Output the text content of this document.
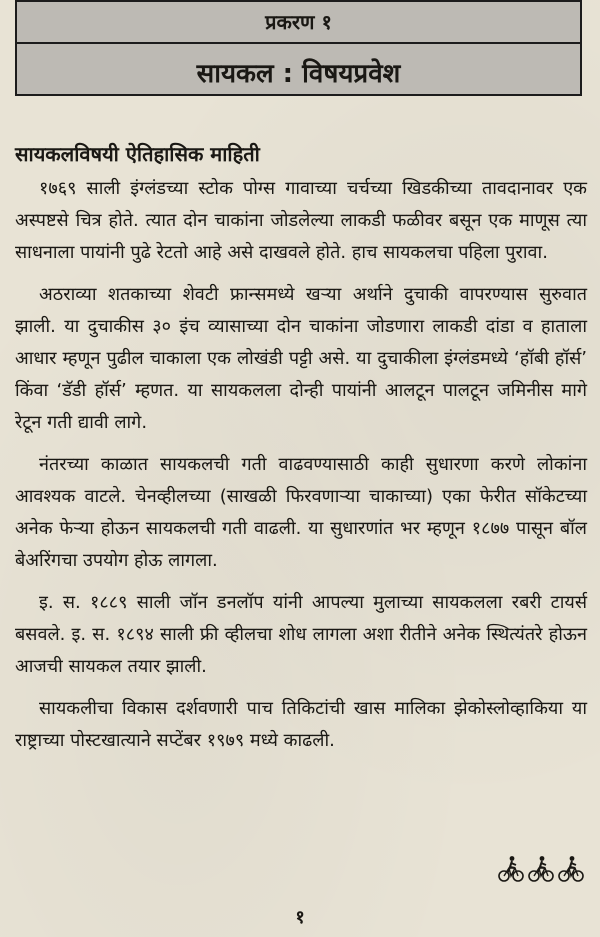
प्रकरण १
सायकल : विषयप्रवेश
सायकलविषयी ऐतिहासिक माहिती

१७६९ साली इंग्लंडच्या स्टोक पोग्स गावाच्या चर्चच्या खिडकीच्या तावदानावर एक अस्पष्टसे चित्र होते. त्यात दोन चाकांना जोडलेल्या लाकडी फळीवर बसून एक माणूस त्या साधनाला पायांनी पुढे रेटतो आहे असे दाखवले होते. हाच सायकलचा पहिला पुरावा.

अठराव्या शतकाच्या शेवटी फ्रान्समध्ये खऱ्या अर्थाने दुचाकी वापरण्यास सुरुवात झाली. या दुचाकीस ३० इंच व्यासाच्या दोन चाकांना जोडणारा लाकडी दांडा व हाताला आधार म्हणून पुढील चाकाला एक लोखंडी पट्टी असे. या दुचाकीला इंग्लंडमध्ये ‘हॉबी हॉर्स’ किंवा ‘डॅडी हॉर्स’ म्हणत. या सायकलला दोन्ही पायांनी आलटून पालटून जमिनीस मागे रेटून गती द्यावी लागे.

नंतरच्या काळात सायकलची गती वाढवण्यासाठी काही सुधारणा करणे लोकांना आवश्यक वाटले. चेनव्हीलच्या (साखळी फिरवणाऱ्या चाकाच्या) एका फेरीत सॉकेटच्या अनेक फेऱ्या होऊन सायकलची गती वाढली. या सुधारणांत भर म्हणून १८७७ पासून बॉल बेअरिंगचा उपयोग होऊ लागला.

इ. स. १८८९ साली जॉन डनलॉप यांनी आपल्या मुलाच्या सायकलला रबरी टायर्स बसवले. इ. स. १८९४ साली फ्री व्हीलचा शोध लागला अशा रीतीने अनेक स्थित्यंतरे होऊन आजची सायकल तयार झाली.

सायकलीचा विकास दर्शवणारी पाच तिकिटांची खास मालिका झेकोस्लोव्हाकिया या राष्ट्राच्या पोस्टखात्याने सप्टेंबर १९७९ मध्ये काढली.

१
